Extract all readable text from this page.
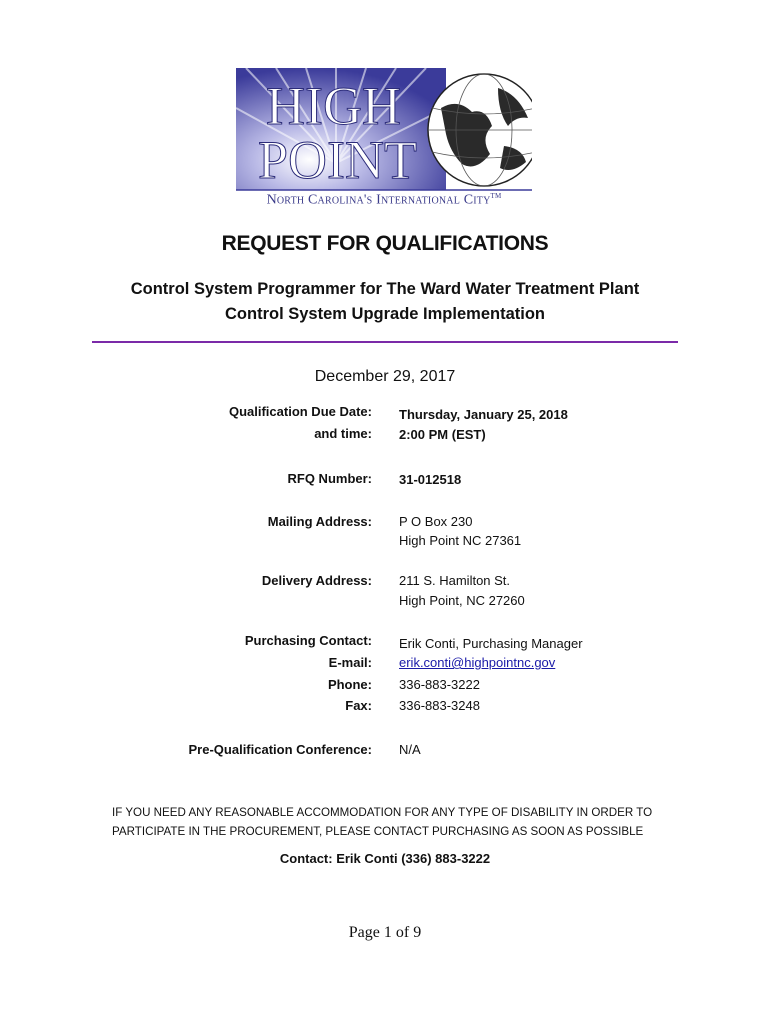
HIGH
POINT
North Carolina's International City™
REQUEST FOR QUALIFICATIONS
Control System Programmer for The Ward Water Treatment Plant
Control System Upgrade Implementation
December 29, 2017
Qualification Due Date:
and time:
Thursday, January 25, 2018
2:00 PM (EST)
RFQ Number: 31-012518
Mailing Address: P O Box 230
High Point NC 27361
Delivery Address: 211 S. Hamilton St.
High Point, NC 27260
Purchasing Contact: Erik Conti, Purchasing Manager
E-mail: erik.conti@highpointnc.gov
Phone: 336-883-3222
Fax: 336-883-3248
Pre-Qualification Conference: N/A
IF YOU NEED ANY REASONABLE ACCOMMODATION FOR ANY TYPE OF DISABILITY IN ORDER TO
PARTICIPATE IN THE PROCUREMENT, PLEASE CONTACT PURCHASING AS SOON AS POSSIBLE
Contact: Erik Conti (336) 883-3222
Page 1 of 9
